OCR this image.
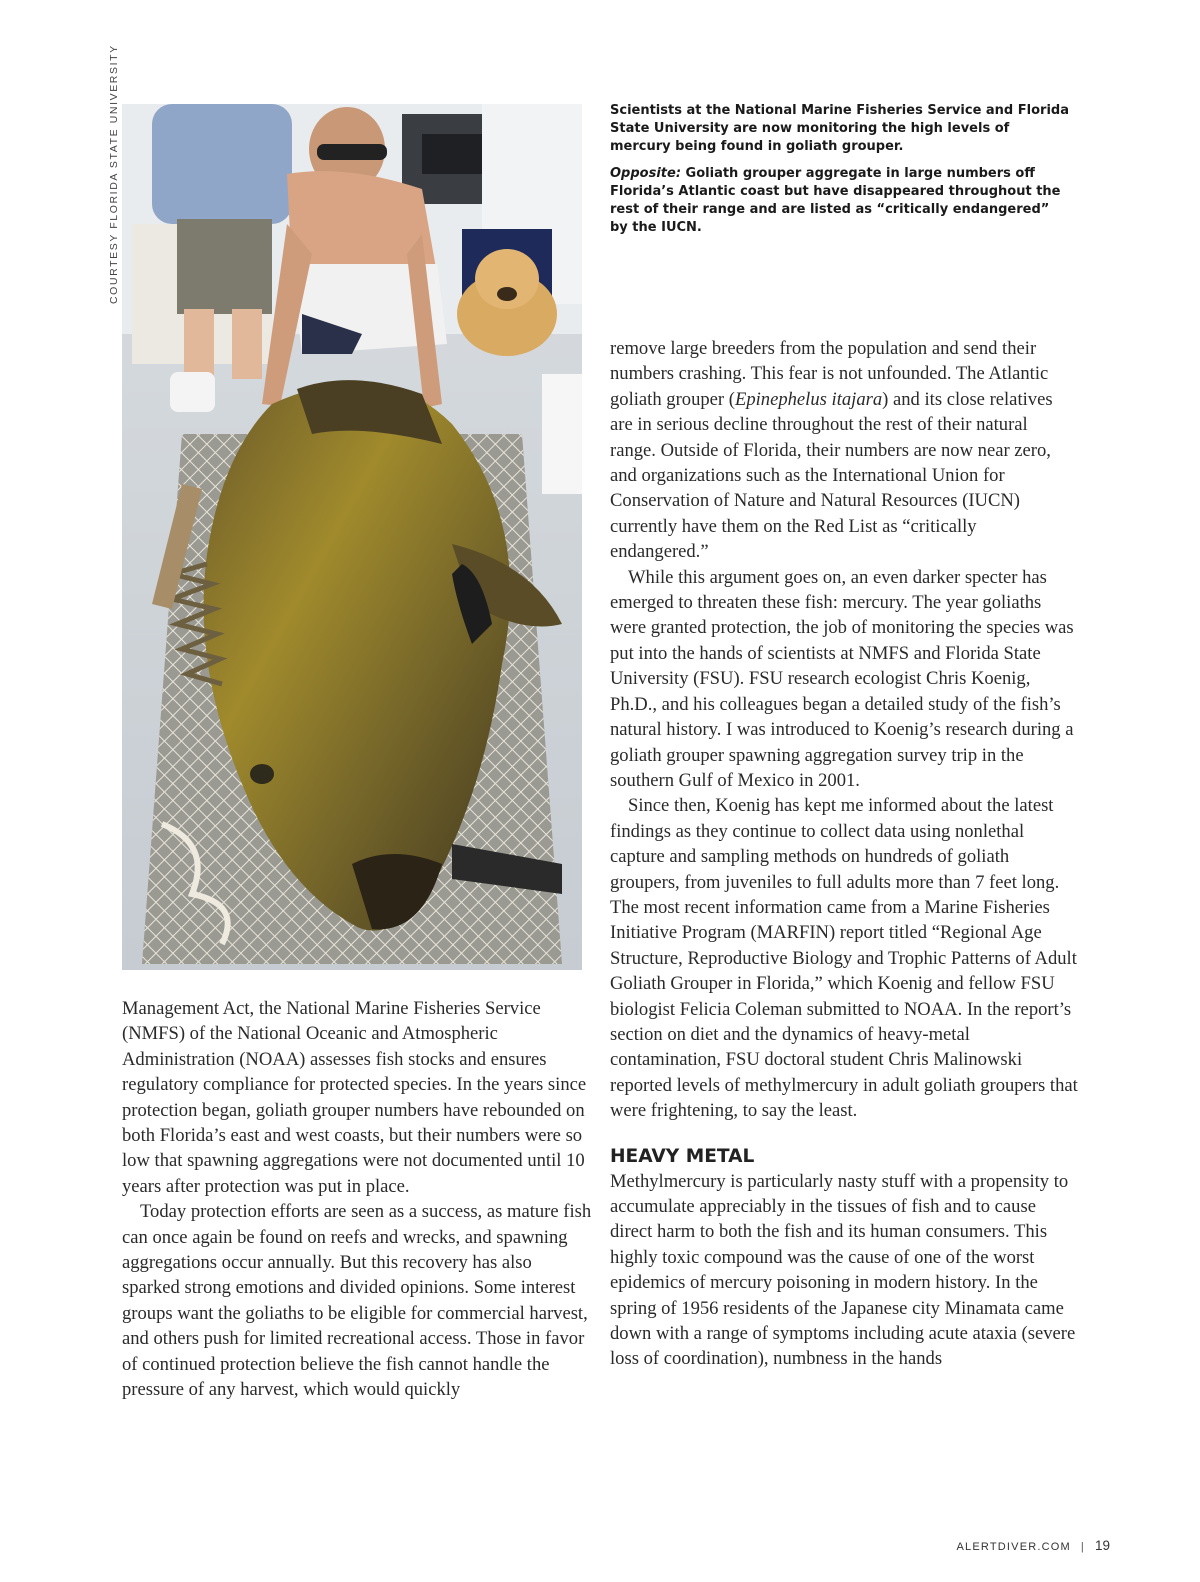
COURTESY FLORIDA STATE UNIVERSITY	Scientists at the National Marine Fisheries Service and Florida State University are now monitoring the high levels of mercury being found in goliath grouper.

Opposite: Goliath grouper aggregate in large numbers off Florida’s Atlantic coast but have disappeared throughout the rest of their range and are listed as “critically endangered” by the IUCN.

Management Act, the National Marine Fisheries Service (NMFS) of the National Oceanic and Atmospheric Administration (NOAA) assesses fish stocks and ensures regulatory compliance for protected species. In the years since protection began, goliath grouper numbers have rebounded on both Florida’s east and west coasts, but their numbers were so low that spawning aggregations were not documented until 10 years after protection was put in place.

Today protection efforts are seen as a success, as mature fish can once again be found on reefs and wrecks, and spawning aggregations occur annually. But this recovery has also sparked strong emotions and divided opinions. Some interest groups want the goliaths to be eligible for commercial harvest, and others push for limited recreational access. Those in favor of continued protection believe the fish cannot handle the pressure of any harvest, which would quickly

remove large breeders from the population and send their numbers crashing. This fear is not unfounded. The Atlantic goliath grouper (Epinephelus itajara) and its close relatives are in serious decline throughout the rest of their natural range. Outside of Florida, their numbers are now near zero, and organizations such as the International Union for Conservation of Nature and Natural Resources (IUCN) currently have them on the Red List as “critically endangered.”

While this argument goes on, an even darker specter has emerged to threaten these fish: mercury. The year goliaths were granted protection, the job of monitoring the species was put into the hands of scientists at NMFS and Florida State University (FSU). FSU research ecologist Chris Koenig, Ph.D., and his colleagues began a detailed study of the fish’s natural history. I was introduced to Koenig’s research during a goliath grouper spawning aggregation survey trip in the southern Gulf of Mexico in 2001.

Since then, Koenig has kept me informed about the latest findings as they continue to collect data using nonlethal capture and sampling methods on hundreds of goliath groupers, from juveniles to full adults more than 7 feet long. The most recent information came from a Marine Fisheries Initiative Program (MARFIN) report titled “Regional Age Structure, Reproductive Biology and Trophic Patterns of Adult Goliath Grouper in Florida,” which Koenig and fellow FSU biologist Felicia Coleman submitted to NOAA. In the report’s section on diet and the dynamics of heavy-metal contamination, FSU doctoral student Chris Malinowski reported levels of methylmercury in adult goliath groupers that were frightening, to say the least.

HEAVY METAL

Methylmercury is particularly nasty stuff with a propensity to accumulate appreciably in the tissues of fish and to cause direct harm to both the fish and its human consumers. This highly toxic compound was the cause of one of the worst epidemics of mercury poisoning in modern history. In the spring of 1956 residents of the Japanese city Minamata came down with a range of symptoms including acute ataxia (severe loss of coordination), numbness in the hands

ALERTDIVER.COM | 19
